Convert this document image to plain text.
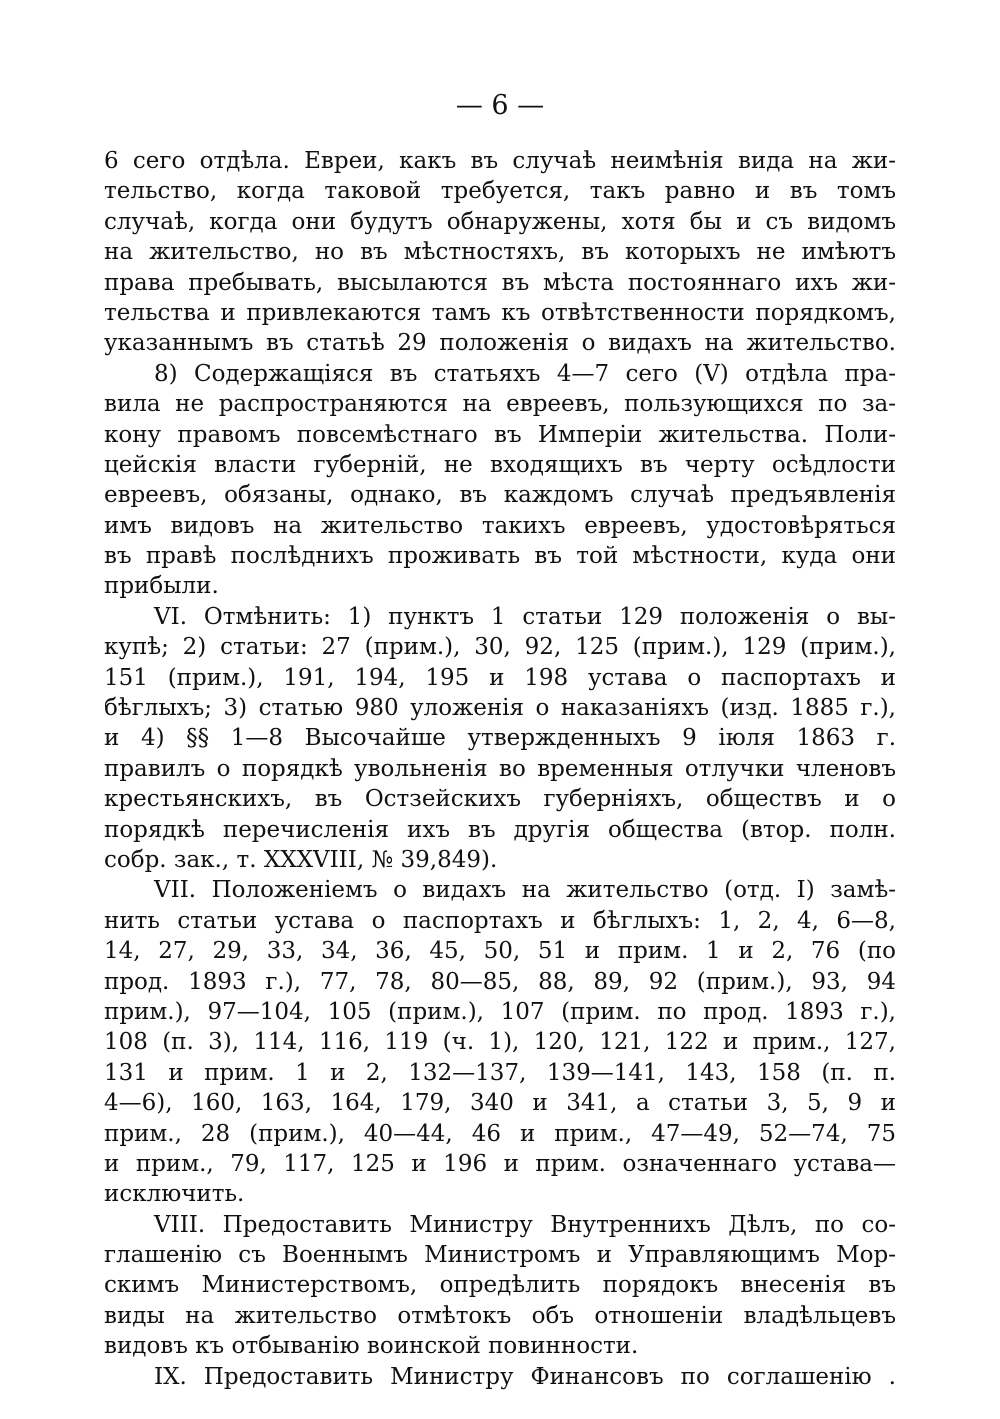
— 6 —
6 сего отдѣла. Евреи, какъ въ случаѣ неимѣнія вида на жи-
тельство, когда таковой требуется, такъ равно и въ томъ
случаѣ, когда они будутъ обнаружены, хотя бы и съ видомъ
на жительство, но въ мѣстностяхъ, въ которыхъ не имѣютъ
права пребывать, высылаются въ мѣста постояннаго ихъ жи-
тельства и привлекаются тамъ къ отвѣтственности порядкомъ,
указаннымъ въ статьѣ 29 положенія о видахъ на жительство.
8) Содержащіяся въ статьяхъ 4—7 сего (V) отдѣла пра-
вила не распространяются на евреевъ, пользующихся по за-
кону правомъ повсемѣстнаго въ Имперіи жительства. Поли-
цейскія власти губерній, не входящихъ въ черту осѣдлости
евреевъ, обязаны, однако, въ каждомъ случаѣ предъявленія
имъ видовъ на жительство такихъ евреевъ, удостовѣряться
въ правѣ послѣднихъ проживать въ той мѣстности, куда они
прибыли.
VI. Отмѣнить: 1) пунктъ 1 статьи 129 положенія о вы-
купѣ; 2) статьи: 27 (прим.), 30, 92, 125 (прим.), 129 (прим.),
151 (прим.), 191, 194, 195 и 198 устава о паспортахъ и
бѣглыхъ; 3) статью 980 уложенія о наказаніяхъ (изд. 1885 г.),
и 4) §§ 1—8 Высочайше утвержденныхъ 9 іюля 1863 г.
правилъ о порядкѣ увольненія во временныя отлучки членовъ
крестьянскихъ, въ Остзейскихъ губерніяхъ, обществъ и о
порядкѣ перечисленія ихъ въ другія общества (втор. полн.
собр. зак., т. XXXVIII, № 39,849).
VII. Положеніемъ о видахъ на жительство (отд. I) замѣ-
нить статьи устава о паспортахъ и бѣглыхъ: 1, 2, 4, 6—8,
14, 27, 29, 33, 34, 36, 45, 50, 51 и прим. 1 и 2, 76 (по
прод. 1893 г.), 77, 78, 80—85, 88, 89, 92 (прим.), 93, 94
прим.), 97—104, 105 (прим.), 107 (прим. по прод. 1893 г.),
108 (п. 3), 114, 116, 119 (ч. 1), 120, 121, 122 и прим., 127,
131 и прим. 1 и 2, 132—137, 139—141, 143, 158 (п. п.
4—6), 160, 163, 164, 179, 340 и 341, а статьи 3, 5, 9 и
прим., 28 (прим.), 40—44, 46 и прим., 47—49, 52—74, 75
и прим., 79, 117, 125 и 196 и прим. означеннаго устава—
исключить.
VIII. Предоставить Министру Внутреннихъ Дѣлъ, по со-
глашенію съ Военнымъ Министромъ и Управляющимъ Мор-
скимъ Министерствомъ, опредѣлить порядокъ внесенія въ
виды на жительство отмѣтокъ объ отношеніи владѣльцевъ
видовъ къ отбыванію воинской повинности.
IX. Предоставить Министру Финансовъ по соглашенію .
